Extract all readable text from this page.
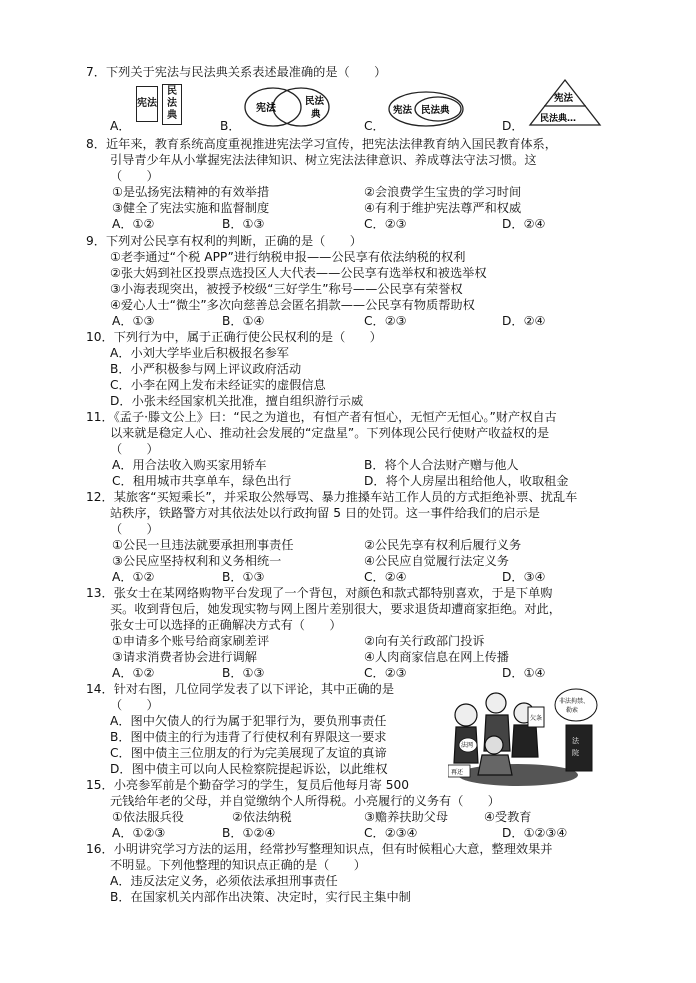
7．下列关于宪法与民法典关系表述最准确的是（　　）
宪法
民
法
典
宪法
民法
典	宪法 民法典
宪法
民法典…
A．	B．	C．	D．
8．近年来，教育系统高度重视推进宪法学习宣传，把宪法法律教育纳入国民教育体系，
引导青少年从小掌握宪法法律知识、树立宪法法律意识、养成尊法守法习惯。这
（　　）
①是弘扬宪法精神的有效举措	②会浪费学生宝贵的学习时间
③健全了宪法实施和监督制度	④有利于维护宪法尊严和权威
A．①②	B．①③	C．②③	D．②④
9．下列对公民享有权利的判断，正确的是（　　）
①老李通过“个税 APP”进行纳税申报——公民享有依法纳税的权利
②张大妈到社区投票点选投区人大代表——公民享有选举权和被选举权
③小海表现突出，被授予校级“三好学生”称号——公民享有荣誉权
④爱心人士“微尘”多次向慈善总会匿名捐款——公民享有物质帮助权
A．①③	B．①④	C．②③	D．②④
10．下列行为中，属于正确行使公民权利的是（　　）
A．小刘大学毕业后积极报名参军
B．小严积极参与网上评议政府活动
C．小李在网上发布未经证实的虚假信息
D．小张未经国家机关批准，擅自组织游行示威
11．《孟子·滕文公上》曰：“民之为道也，有恒产者有恒心，无恒产无恒心。”财产权自古
以来就是稳定人心、推动社会发展的“定盘星”。下列体现公民行使财产收益权的是
（　　）
A．用合法收入购买家用轿车	B．将个人合法财产赠与他人
C．租用城市共享单车，绿色出行	D．将个人房屋出租给他人，收取租金
12．某旅客“买短乘长”，并采取公然辱骂、暴力推搡车站工作人员的方式拒绝补票、扰乱车
站秩序，铁路警方对其依法处以行政拘留 5 日的处罚。这一事件给我们的启示是
（　　）
①公民一旦违法就要承担刑事责任	②公民先享有权利后履行义务
③公民应坚持权利和义务相统一	④公民应自觉履行法定义务
A．①②	B．①③	C．②④	D．③④
13．张女士在某网络购物平台发现了一个背包，对颜色和款式都特别喜欢，于是下单购
买。收到背包后，她发现实物与网上图片差别很大，要求退货却遭商家拒绝。对此，
张女士可以选择的正确解决方式有（　　）
①申请多个账号给商家刷差评	②向有关行政部门投诉
③请求消费者协会进行调解	④人肉商家信息在网上传播
A．①②	B．①③	C．②③	D．①④
14．针对右图，几位同学发表了以下评论，其中正确的是
（　　）
A．图中欠债人的行为属于犯罪行为，要负刑事责任
B．图中债主的行为违背了行使权利有界限这一要求
C．图中债主三位朋友的行为完美展现了友谊的真谛
D．图中债主可以向人民检察院提起诉讼，以此维权
欠条
非法拘禁、
勒索
法
院
法网
再还
15．小亮参军前是个勤奋学习的学生，复员后他每月寄 500
元钱给年老的父母，并自觉缴纳个人所得税。小亮履行的义务有（　　）
①依法服兵役	②依法纳税	③赡养扶助父母	④受教育
A．①②③	B．①②④	C．②③④	D．①②③④
16．小明讲究学习方法的运用，经常抄写整理知识点，但有时候粗心大意，整理效果并
不明显。下列他整理的知识点正确的是（　　）
A．违反法定义务，必须依法承担刑事责任
B．在国家机关内部作出决策、决定时，实行民主集中制
